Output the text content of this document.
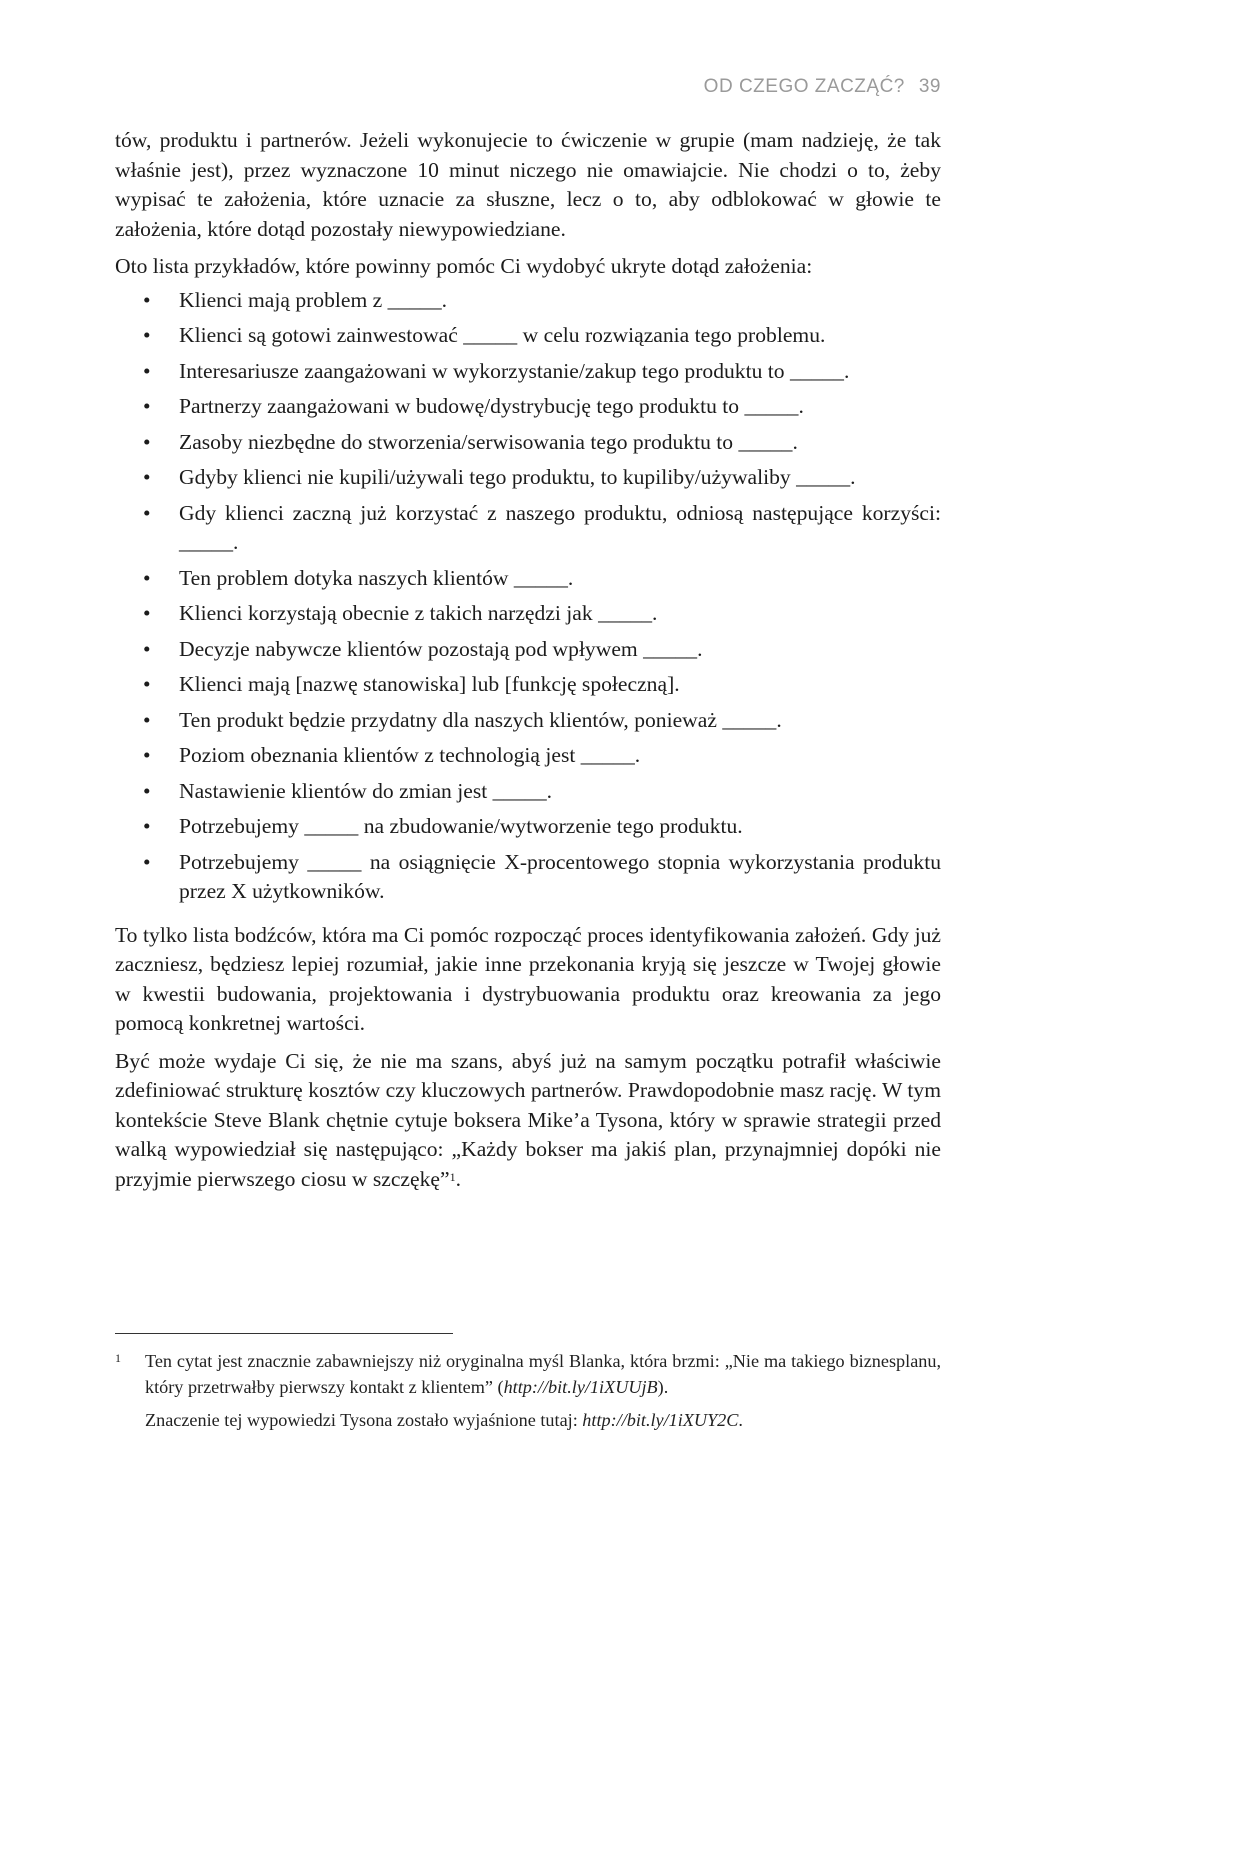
OD CZEGO ZACZĄĆ? 39

tów, produktu i partnerów. Jeżeli wykonujecie to ćwiczenie w grupie (mam nadzieję, że tak właśnie jest), przez wyznaczone 10 minut niczego nie omawiajcie. Nie chodzi o to, żeby wypisać te założenia, które uznacie za słuszne, lecz o to, aby odblokować w głowie te założenia, które dotąd pozostały niewypowiedziane.

Oto lista przykładów, które powinny pomóc Ci wydobyć ukryte dotąd założenia:

• Klienci mają problem z _____.
• Klienci są gotowi zainwestować _____ w celu rozwiązania tego problemu.
• Interesariusze zaangażowani w wykorzystanie/zakup tego produktu to _____.
• Partnerzy zaangażowani w budowę/dystrybucję tego produktu to _____.
• Zasoby niezbędne do stworzenia/serwisowania tego produktu to _____.
• Gdyby klienci nie kupili/używali tego produktu, to kupiliby/używaliby _____.
• Gdy klienci zaczną już korzystać z naszego produktu, odniosą następujące korzyści: _____.
• Ten problem dotyka naszych klientów _____.
• Klienci korzystają obecnie z takich narzędzi jak _____.
• Decyzje nabywcze klientów pozostają pod wpływem _____.
• Klienci mają [nazwę stanowiska] lub [funkcję społeczną].
• Ten produkt będzie przydatny dla naszych klientów, ponieważ _____.
• Poziom obeznania klientów z technologią jest _____.
• Nastawienie klientów do zmian jest _____.
• Potrzebujemy _____ na zbudowanie/wytworzenie tego produktu.
• Potrzebujemy _____ na osiągnięcie X-procentowego stopnia wykorzystania produktu przez X użytkowników.

To tylko lista bodźców, która ma Ci pomóc rozpocząć proces identyfikowania założeń. Gdy już zaczniesz, będziesz lepiej rozumiał, jakie inne przekonania kryją się jeszcze w Twojej głowie w kwestii budowania, projektowania i dystrybuowania produktu oraz kreowania za jego pomocą konkretnej wartości.

Być może wydaje Ci się, że nie ma szans, abyś już na samym początku potrafił właściwie zdefiniować strukturę kosztów czy kluczowych partnerów. Prawdopodobnie masz rację. W tym kontekście Steve Blank chętnie cytuje boksera Mike’a Tysona, który w sprawie strategii przed walką wypowiedział się następująco: „Każdy bokser ma jakiś plan, przynajmniej dopóki nie przyjmie pierwszego ciosu w szczękę”$^1$.

1 Ten cytat jest znacznie zabawniejszy niż oryginalna myśl Blanka, która brzmi: „Nie ma takiego biznesplanu, który przetrwałby pierwszy kontakt z klientem” (http://bit.ly/1iXUUjB).
Znaczenie tej wypowiedzi Tysona zostało wyjaśnione tutaj: http://bit.ly/1iXUY2C.
